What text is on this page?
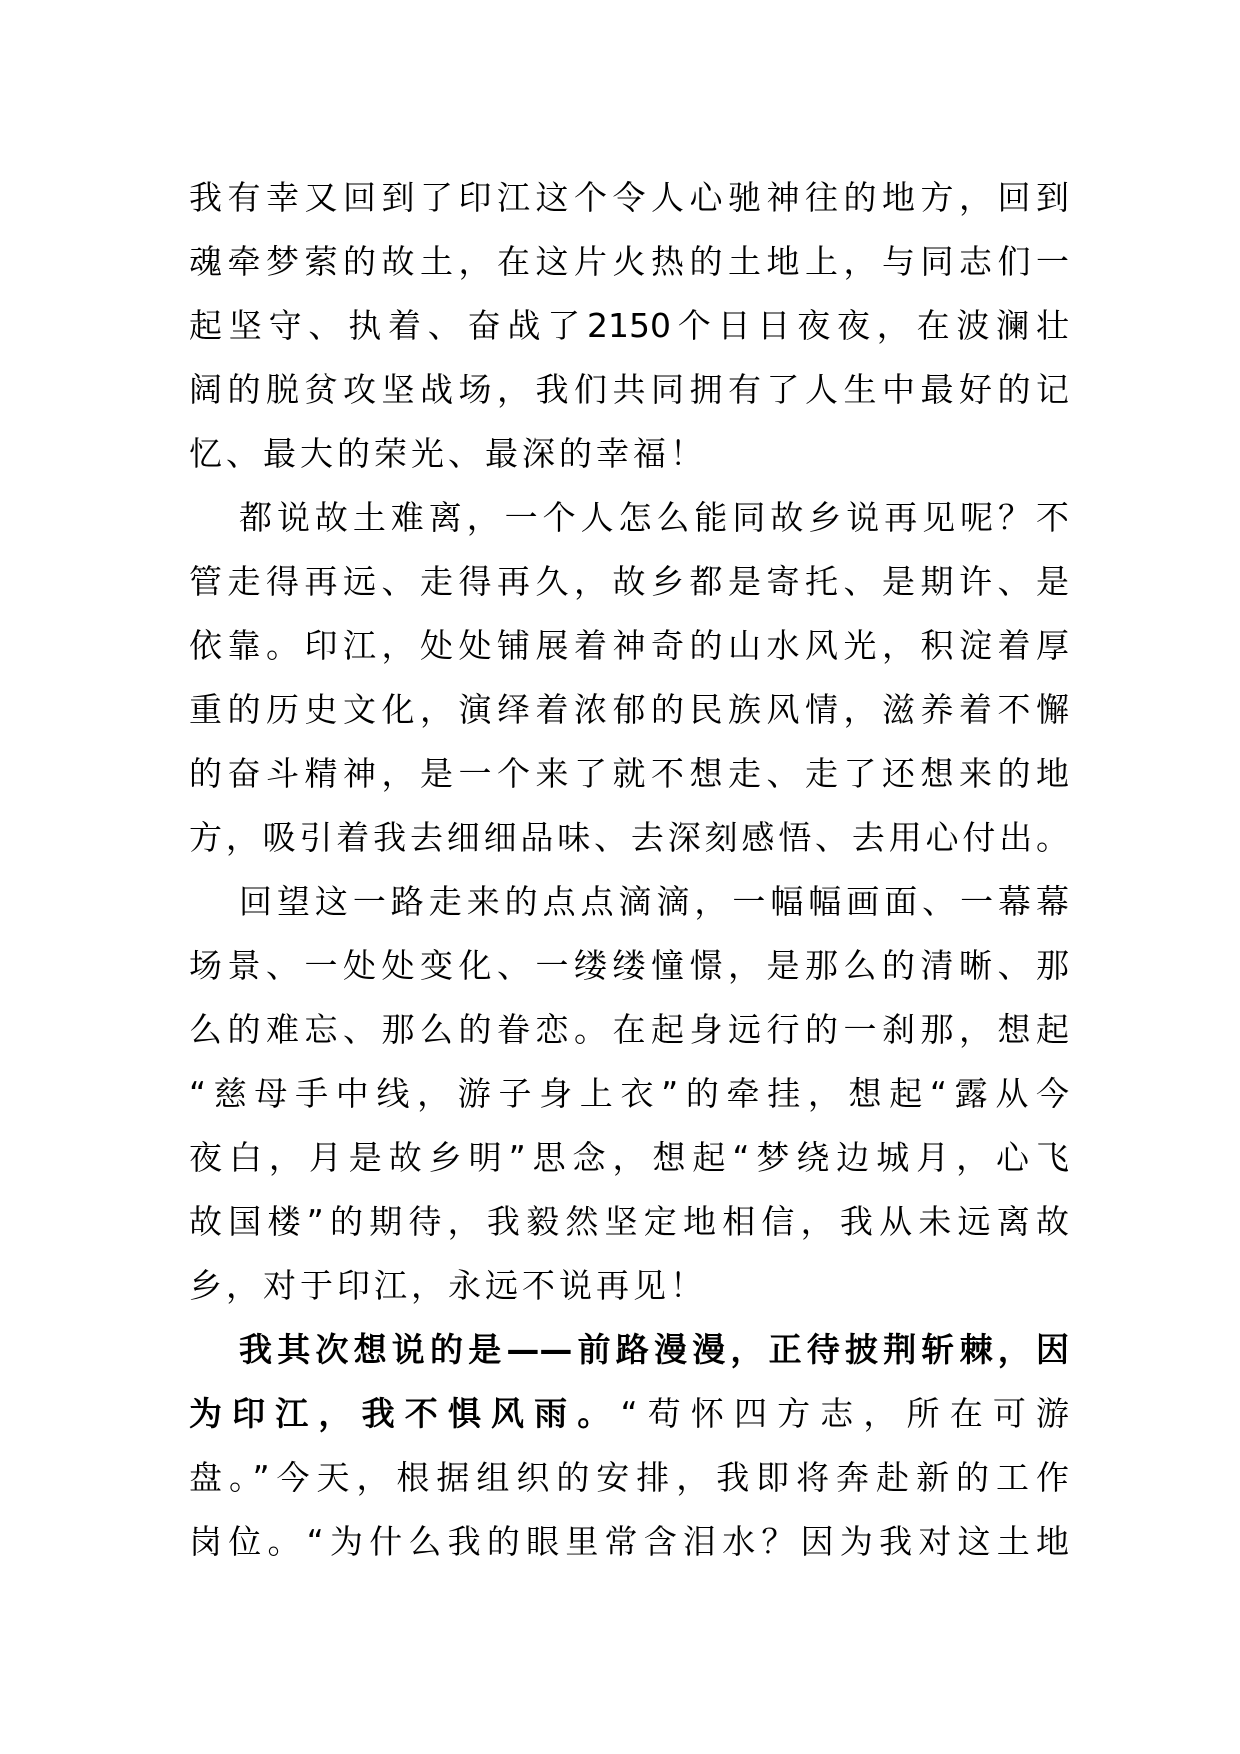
我有幸又回到了印江这个令人心驰神往的地方，回到
魂牵梦萦的故土，在这片火热的土地上，与同志们一
起坚守、执着、奋战了2150个日日夜夜，在波澜壮
阔的脱贫攻坚战场，我们共同拥有了人生中最好的记
忆、最大的荣光、最深的幸福！
都说故土难离，一个人怎么能同故乡说再见呢？不
管走得再远、走得再久，故乡都是寄托、是期许、是
依靠。印江，处处铺展着神奇的山水风光，积淀着厚
重的历史文化，演绎着浓郁的民族风情，滋养着不懈
的奋斗精神，是一个来了就不想走、走了还想来的地
方，吸引着我去细细品味、去深刻感悟、去用心付出。
回望这一路走来的点点滴滴，一幅幅画面、一幕幕
场景、一处处变化、一缕缕憧憬，是那么的清晰、那
么的难忘、那么的眷恋。在起身远行的一刹那，想起
“慈母手中线，游子身上衣”的牵挂，想起“露从今
夜白，月是故乡明”思念，想起“梦绕边城月，心飞
故国楼”的期待，我毅然坚定地相信，我从未远离故
乡，对于印江，永远不说再见！
我其次想说的是——前路漫漫，正待披荆斩棘，因
为印江，我不惧风雨。“苟怀四方志，所在可游
盘。”今天，根据组织的安排，我即将奔赴新的工作
岗位。“为什么我的眼里常含泪水？因为我对这土地
